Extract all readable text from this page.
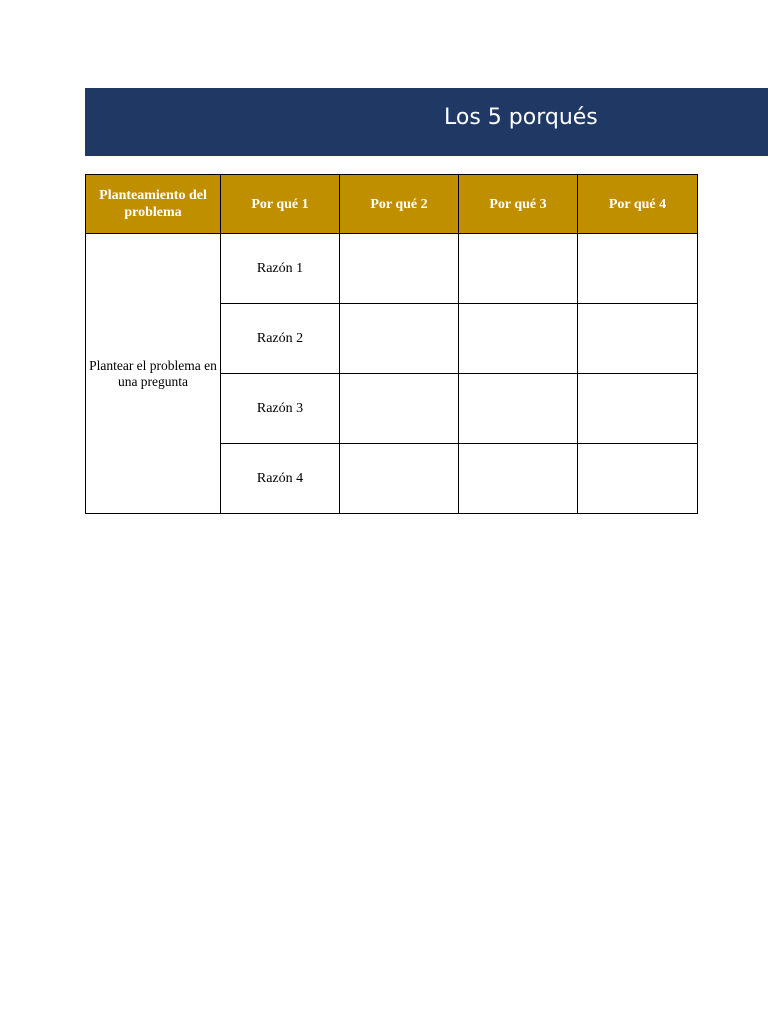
Los 5 porqués
Planteamiento del problema	Por qué 1	Por qué 2	Por qué 3	Por qué 4
Plantear el problema en una pregunta	Razón 1			
	Razón 2			
	Razón 3			
	Razón 4			
